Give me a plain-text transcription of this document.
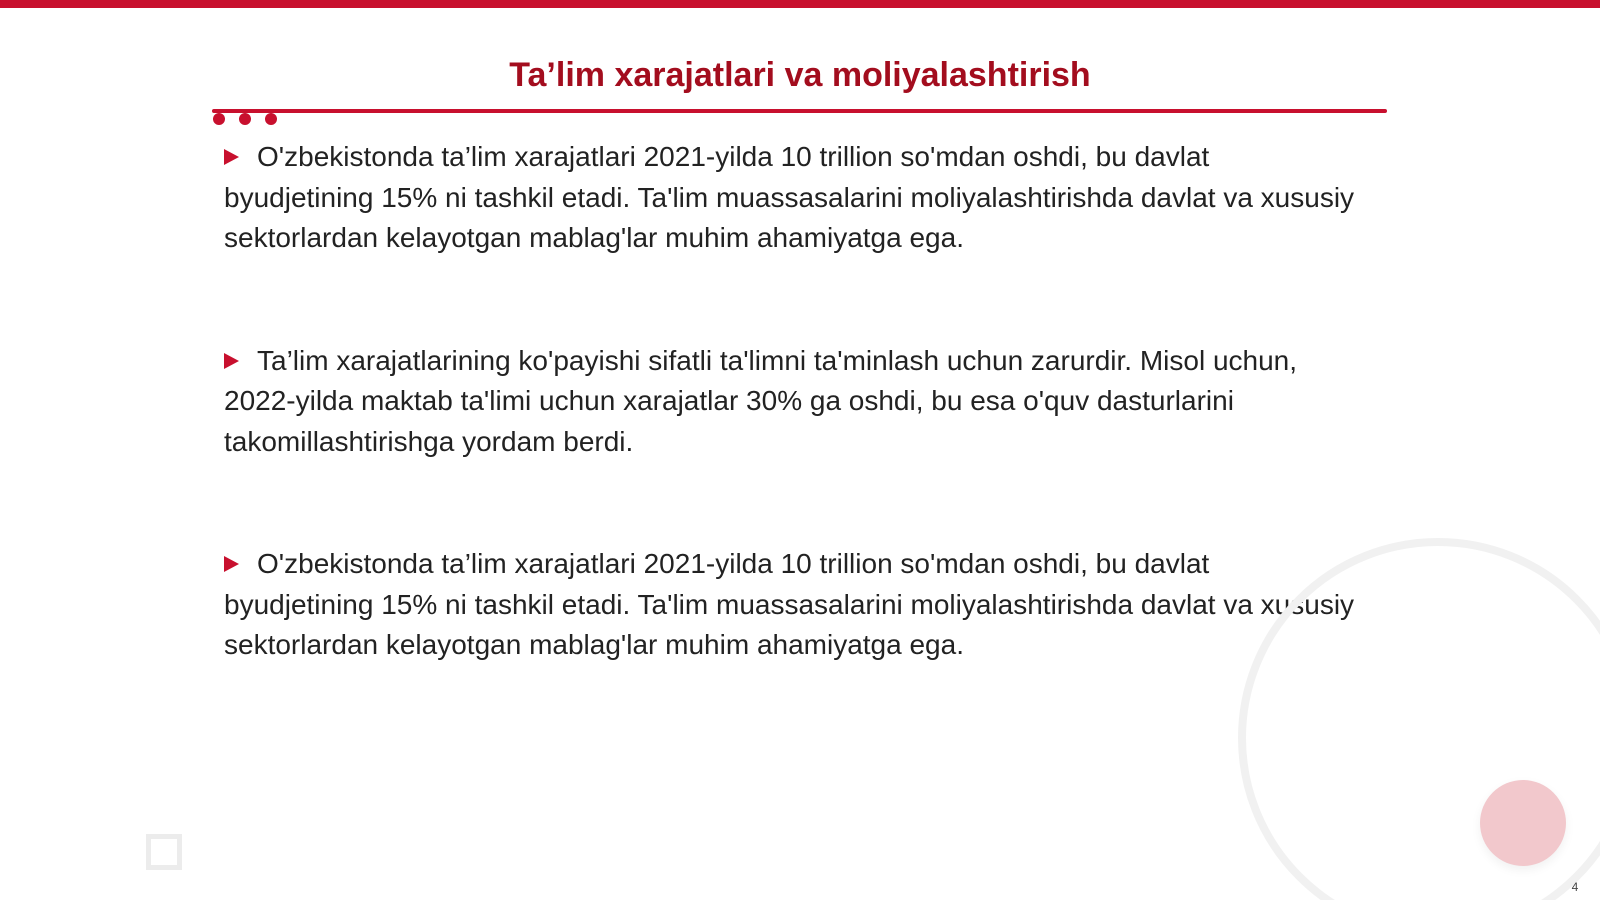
Ta’lim xarajatlari va moliyalashtirish

O'zbekistonda ta’lim xarajatlari 2021-yilda 10 trillion so'mdan oshdi, bu davlat byudjetining 15% ni tashkil etadi. Ta'lim muassasalarini moliyalashtirishda davlat va xususiy sektorlardan kelayotgan mablag'lar muhim ahamiyatga ega.

Ta’lim xarajatlarining ko'payishi sifatli ta'limni ta'minlash uchun zarurdir. Misol uchun, 2022-yilda maktab ta'limi uchun xarajatlar 30% ga oshdi, bu esa o'quv dasturlarini takomillashtirishga yordam berdi.

O'zbekistonda ta’lim xarajatlari 2021-yilda 10 trillion so'mdan oshdi, bu davlat byudjetining 15% ni tashkil etadi. Ta'lim muassasalarini moliyalashtirishda davlat va xususiy sektorlardan kelayotgan mablag'lar muhim ahamiyatga ega.

4
